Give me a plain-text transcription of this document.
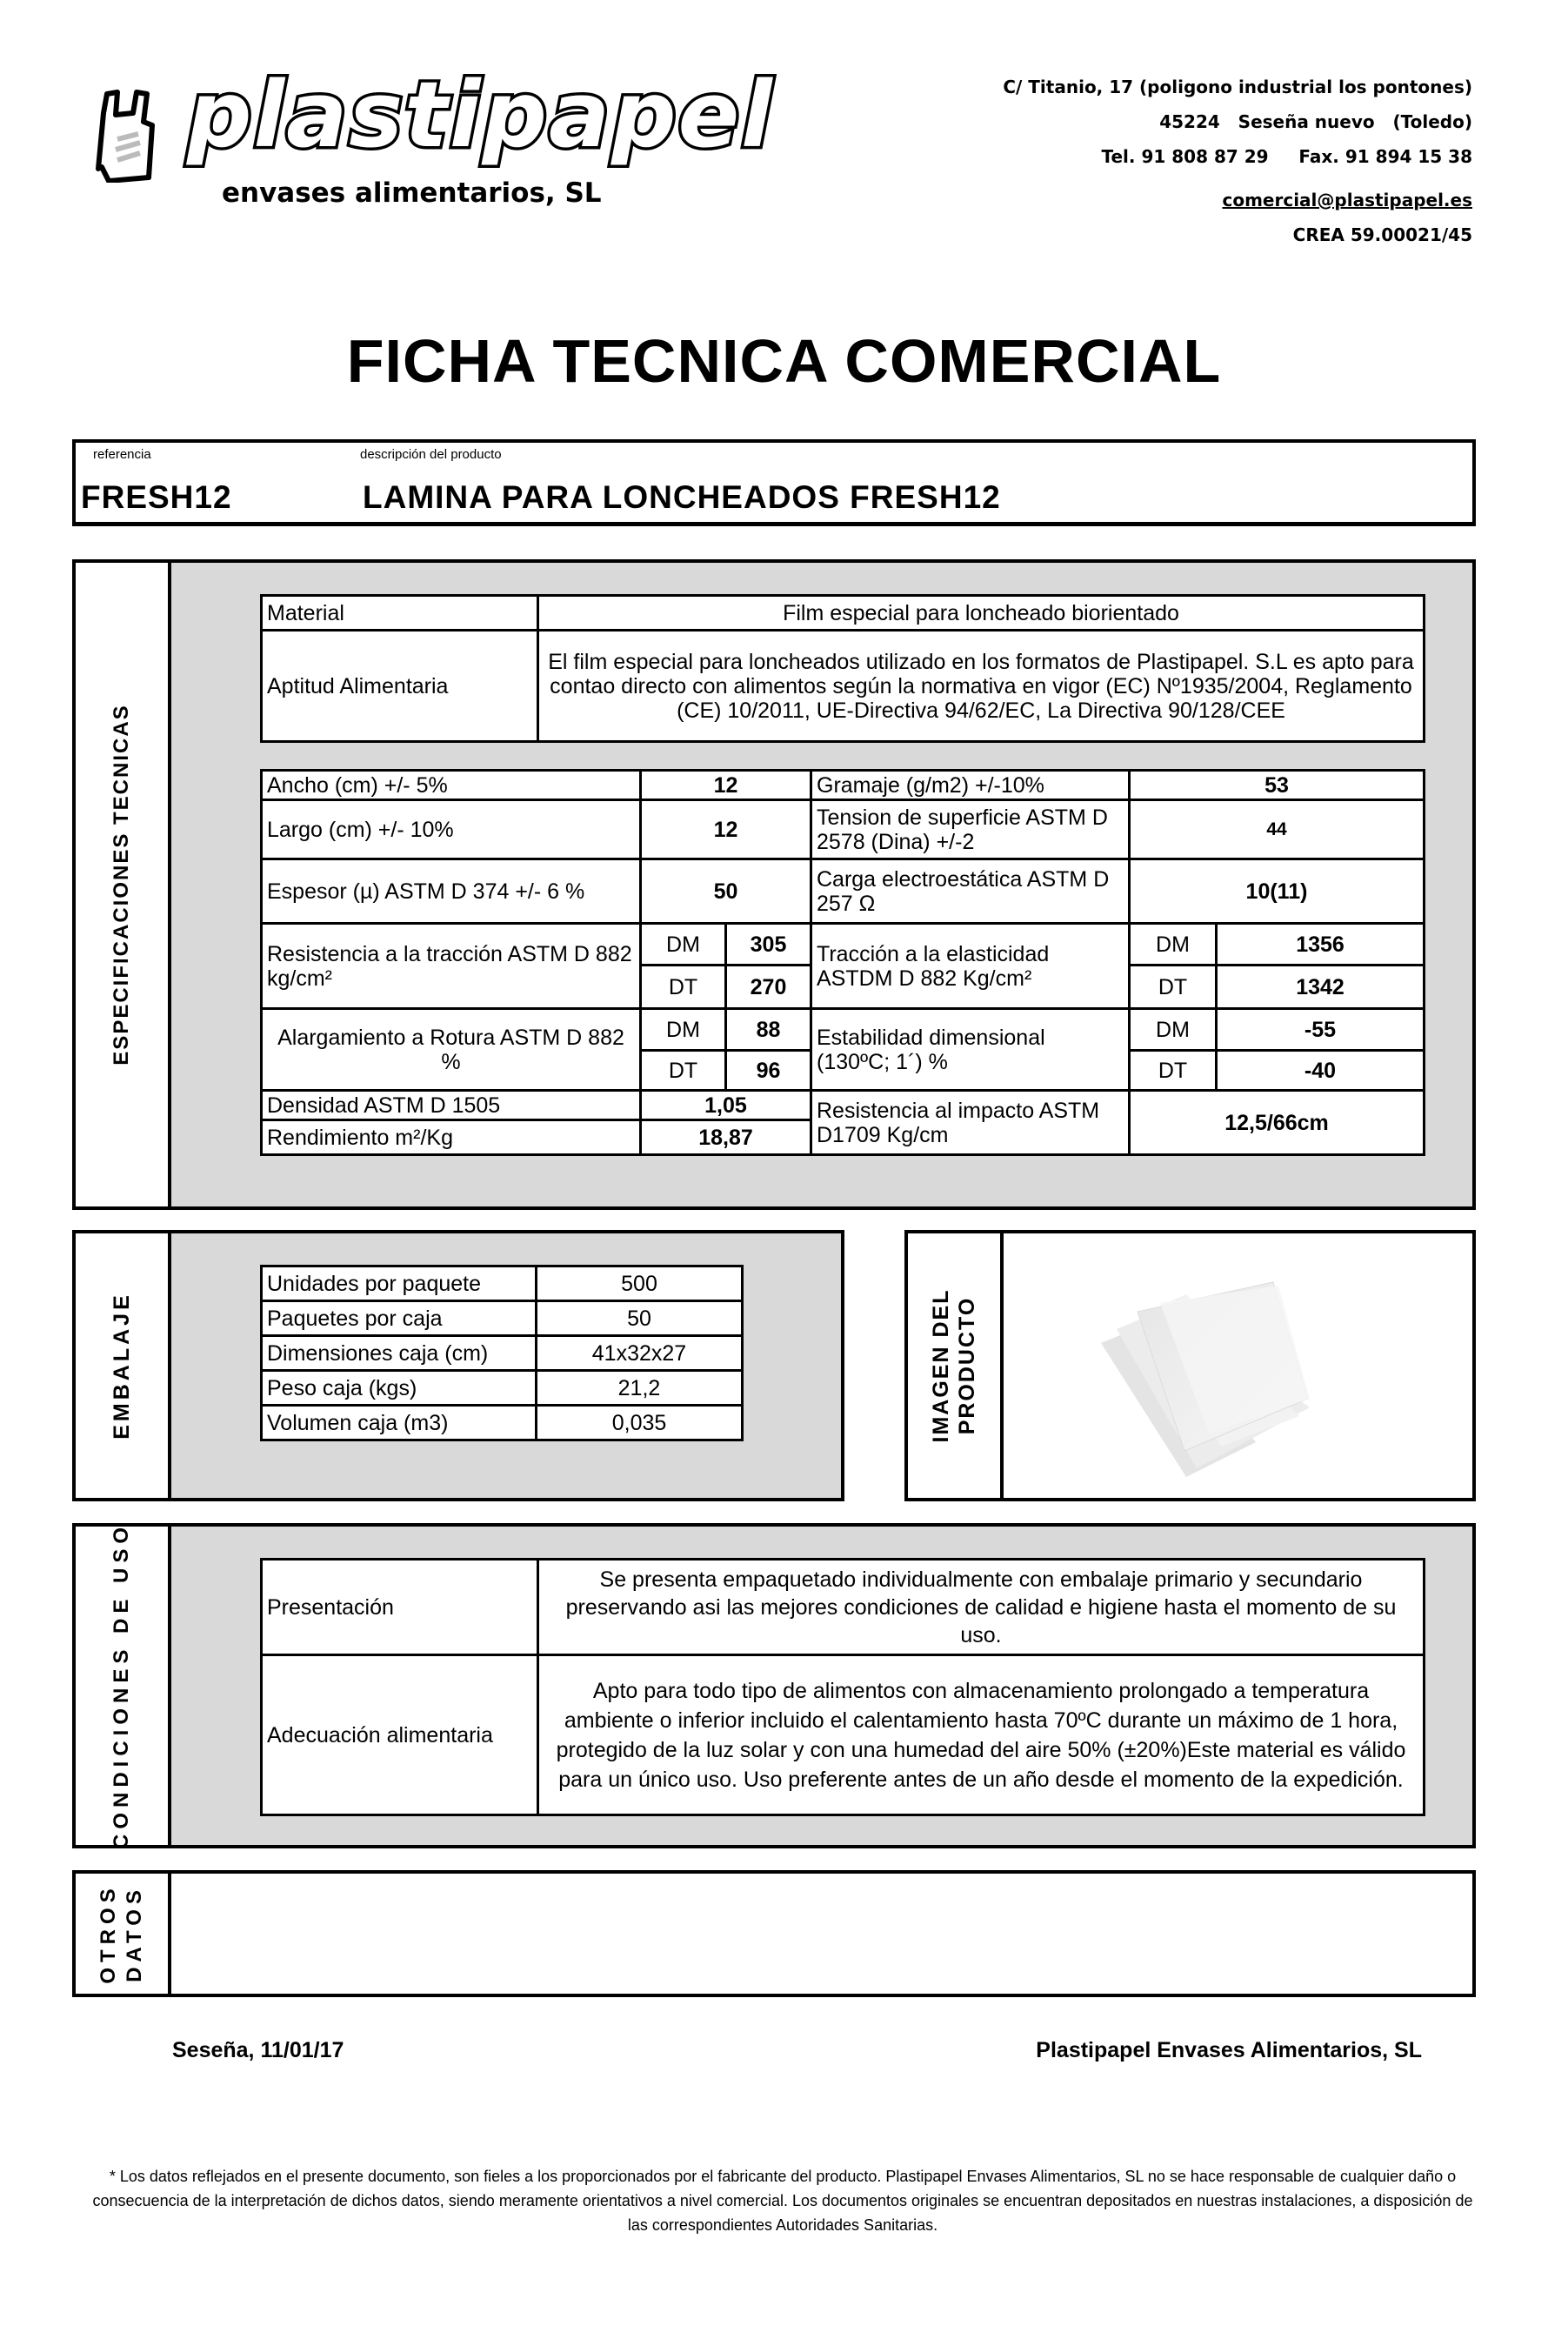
plastipapel
envases alimentarios, SL
C/ Titanio, 17 (poligono industrial los pontones)
45224   Seseña nuevo   (Toledo)
Tel. 91 808 87 29     Fax. 91 894 15 38
comercial@plastipapel.es
CREA 59.00021/45
FICHA TECNICA COMERCIAL
referencia	descripción del producto
FRESH12	LAMINA PARA LONCHEADOS FRESH12
ESPECIFICACIONES TECNICAS
Material	Film especial para loncheado biorientado
Aptitud Alimentaria	El film especial para loncheados utilizado en los formatos de Plastipapel. S.L es apto para contao directo con alimentos según la normativa en vigor (EC) Nº1935/2004, Reglamento (CE) 10/2011, UE-Directiva 94/62/EC, La Directiva 90/128/CEE
Ancho (cm) +/- 5%	12		Gramaje (g/m2) +/-10%	53	
Largo (cm) +/- 10%	12		Tension de superficie ASTM D 2578 (Dina) +/-2	44	
Espesor (µ) ASTM D 374 +/- 6 %	50		Carga electroestática ASTM D 257 Ω	10(11)	
Resistencia a la tracción ASTM D 882 kg/cm²	DM	305	Tracción a la elasticidad ASTDM D 882 Kg/cm²	DM	1356
	DT	270		DT	1342
Alargamiento a Rotura ASTM D 882 %	DM	88	Estabilidad dimensional (130ºC; 1´) %	DM	-55
	DT	96		DT	-40
Densidad ASTM D 1505	1,05		Resistencia al impacto ASTM D1709 Kg/cm	12,5/66cm	
Rendimiento m²/Kg	18,87				
EMBALAJE
Unidades por paquete	500
Paquetes por caja	50
Dimensiones caja (cm)	41x32x27
Peso caja (kgs)	21,2
Volumen caja (m3)	0,035	IMAGEN DEL PRODUCTO
CONDICIONES DE USO	Presentación	Se presenta empaquetado individualmente con embalaje primario y secundario preservando asi las mejores condiciones de calidad e higiene hasta el momento de su uso.
Adecuación alimentaria	Apto para todo tipo de alimentos con almacenamiento prolongado a temperatura ambiente o inferior incluido el calentamiento hasta 70ºC durante un máximo de 1 hora, protegido de la luz solar y con una humedad del aire 50% (±20%)Este material es válido para un único uso. Uso preferente antes de un año desde el momento de la expedición.
OTROS DATOS
Seseña, 11/01/17	Plastipapel Envases Alimentarios, SL
* Los datos reflejados en el presente documento, son fieles a los proporcionados por el fabricante del producto. Plastipapel Envases Alimentarios, SL no se hace responsable de cualquier daño o consecuencia de la interpretación de dichos datos, siendo meramente orientativos a nivel comercial. Los documentos originales se encuentran depositados en nuestras instalaciones, a disposición de las correspondientes Autoridades Sanitarias.
